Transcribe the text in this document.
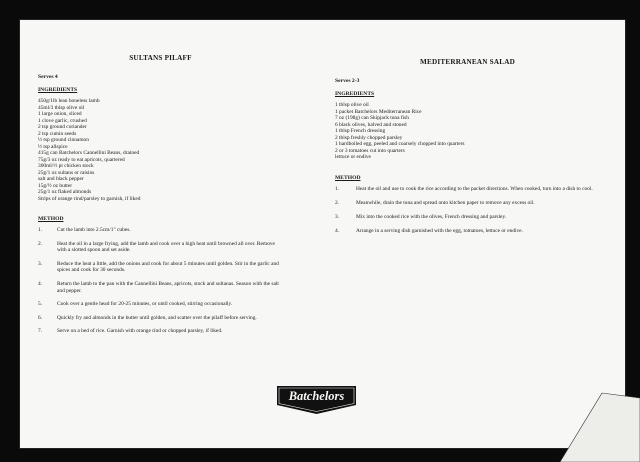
SULTANS PILAFF
Serves 4
INGREDIENTS
450g/1lb lean boneless lamb
45ml/3 tblsp olive oil
1 large onion, sliced
1 clove garlic, crushed
2 tsp ground coriander
2 tsp cumin seeds
½ tsp ground cinnamon
½ tsp allspice
415g can Batchelors Cannellini Beans, drained
75g/3 oz ready to eat apricots, quartered
300ml/½ pt chicken stock
25g/1 oz sultans or raisins
salt and black pepper
15g/½ oz butter
25g/1 oz flaked almonds
Strips of orange rind/parsley to garnish, if liked
METHOD
1.	Cut the lamb into 2.5cm/1" cubes.
2.	Heat the oil in a large frying, add the lamb and cook over a high heat until browned all over. Remove with a slotted spoon and set aside.
3.	Reduce the heat a little, add the onions and cook for about 5 minutes until golden. Stir in the garlic and spices and cook for 30 seconds.
4.	Return the lamb to the pan with the Cannellini Beans, apricots, stock and sultanas. Season with the salt and pepper.
5.	Cook over a gentle head for 20-25 minutes, or until cooked, stirring occasionally.
6.	Quickly fry and almonds in the butter until golden, and scatter over the pilaff before serving.
7.	Serve on a bed of rice. Garnish with orange rind or chopped parsley, if liked.
MEDITERRANEAN SALAD
Serves 2-3
INGREDIENTS
1 tblsp olive oil
1 packet Batchelors Mediterranean Rice
7 oz (198g) can Skipjack tuna fish
6 black olives, halved and stoned
1 tblsp French dressing
2 tblsp freshly chopped parsley
1 hardboiled egg, peeled and coarsely chopped into quarters
2 or 3 tomatoes cut into quarters
lettuce or endive
METHOD
1.	Heat the oil and use to cook the rice according to the packet directions. When cooked, turn into a dish to cool.
2.	Meanwhile, drain the tuna and spread onto kitchen paper to remove any excess oil.
3.	Mix into the cooked rice with the olives, French dressing and parsley.
4.	Arrange in a serving dish garnished with the egg, tomatoes, lettuce or endive.
Batchelors
